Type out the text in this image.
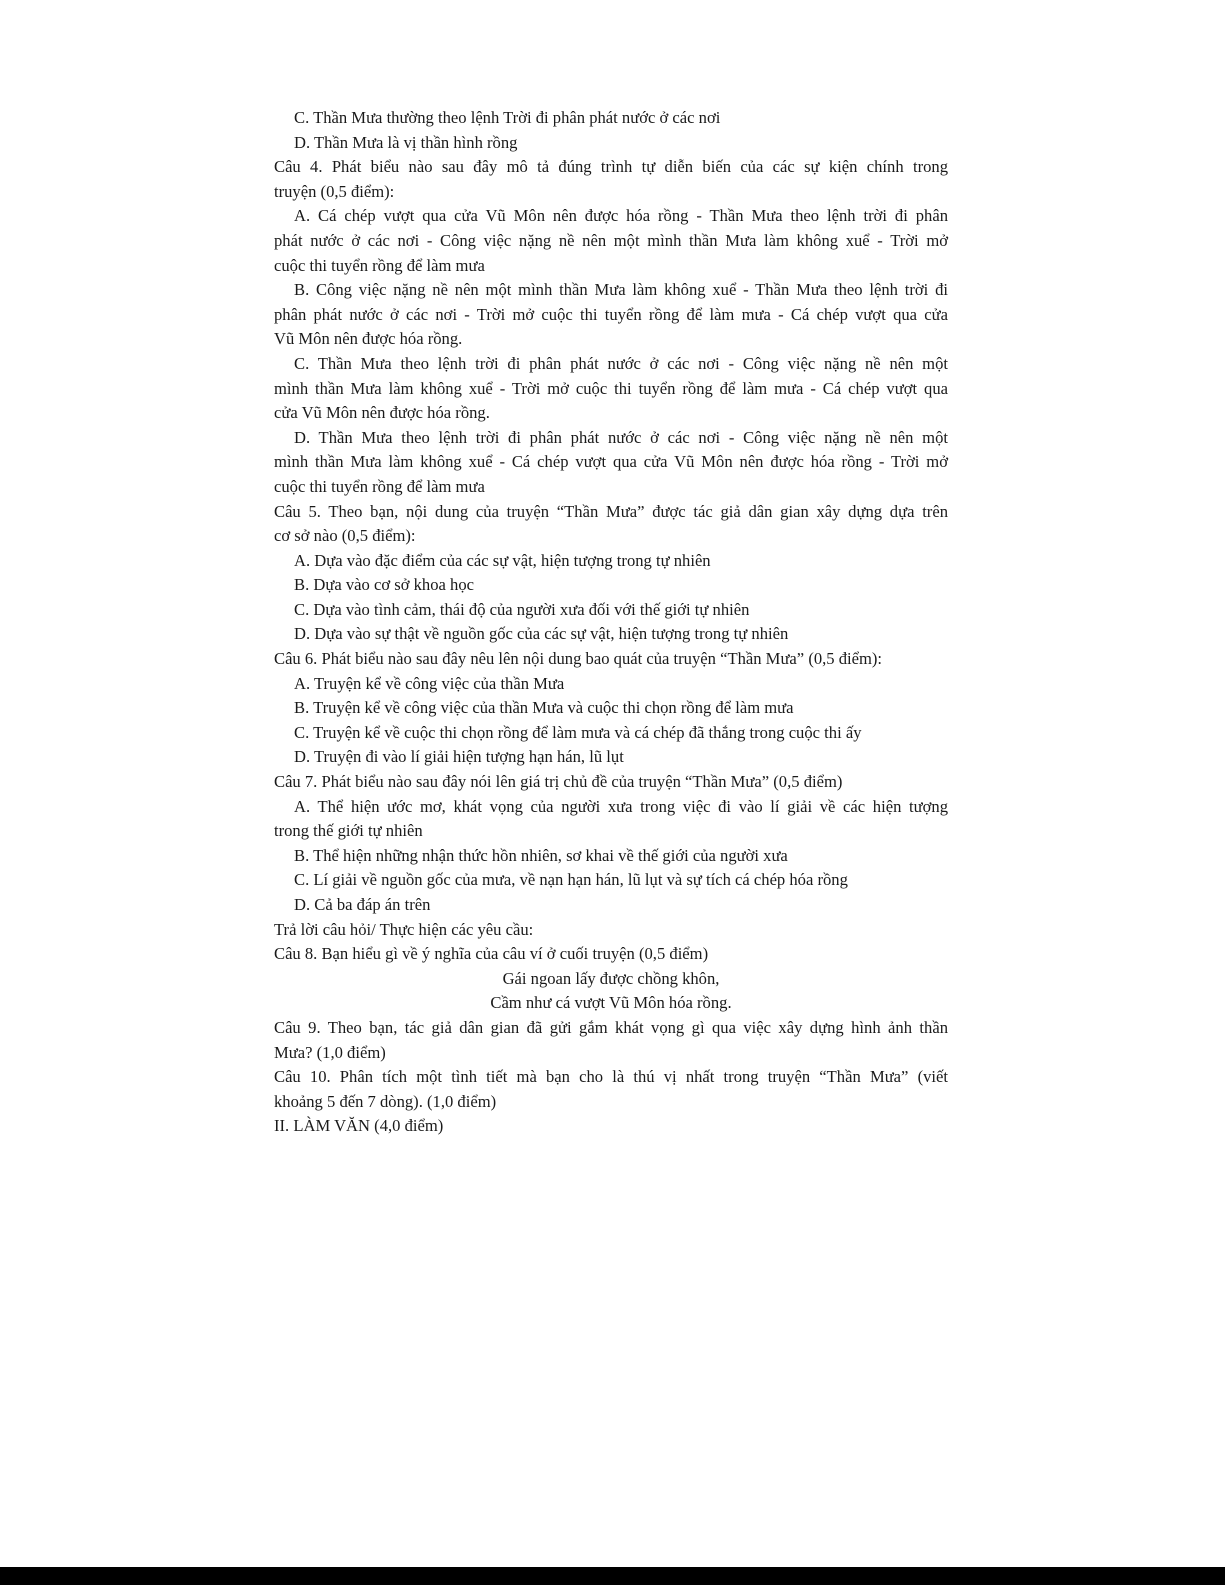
C. Thần Mưa thường theo lệnh Trời đi phân phát nước ở các nơi
D. Thần Mưa là vị thần hình rồng
Câu 4. Phát biểu nào sau đây mô tả đúng trình tự diễn biến của các sự kiện chính trong
truyện (0,5 điểm):
A. Cá chép vượt qua cửa Vũ Môn nên được hóa rồng - Thần Mưa theo lệnh trời đi phân
phát nước ở các nơi - Công việc nặng nề nên một mình thần Mưa làm không xuể - Trời mở
cuộc thi tuyển rồng để làm mưa
B. Công việc nặng nề nên một mình thần Mưa làm không xuể - Thần Mưa theo lệnh trời đi
phân phát nước ở các nơi - Trời mở cuộc thi tuyển rồng để làm mưa - Cá chép vượt qua cửa
Vũ Môn nên được hóa rồng.
C. Thần Mưa theo lệnh trời đi phân phát nước ở các nơi - Công việc nặng nề nên một
mình thần Mưa làm không xuể - Trời mở cuộc thi tuyển rồng để làm mưa - Cá chép vượt qua
cửa Vũ Môn nên được hóa rồng.
D. Thần Mưa theo lệnh trời đi phân phát nước ở các nơi - Công việc nặng nề nên một
mình thần Mưa làm không xuể - Cá chép vượt qua cửa Vũ Môn nên được hóa rồng - Trời mở
cuộc thi tuyển rồng để làm mưa
Câu 5. Theo bạn, nội dung của truyện “Thần Mưa” được tác giả dân gian xây dựng dựa trên
cơ sở nào (0,5 điểm):
A. Dựa vào đặc điểm của các sự vật, hiện tượng trong tự nhiên
B. Dựa vào cơ sở khoa học
C. Dựa vào tình cảm, thái độ của người xưa đối với thế giới tự nhiên
D. Dựa vào sự thật về nguồn gốc của các sự vật, hiện tượng trong tự nhiên
Câu 6. Phát biểu nào sau đây nêu lên nội dung bao quát của truyện “Thần Mưa” (0,5 điểm):
A. Truyện kể về công việc của thần Mưa
B. Truyện kể về công việc của thần Mưa và cuộc thi chọn rồng để làm mưa
C. Truyện kể về cuộc thi chọn rồng để làm mưa và cá chép đã thắng trong cuộc thi ấy
D. Truyện đi vào lí giải hiện tượng hạn hán, lũ lụt
Câu 7. Phát biểu nào sau đây nói lên giá trị chủ đề của truyện “Thần Mưa” (0,5 điểm)
A. Thể hiện ước mơ, khát vọng của người xưa trong việc đi vào lí giải về các hiện tượng
trong thế giới tự nhiên
B. Thể hiện những nhận thức hồn nhiên, sơ khai về thế giới của người xưa
C. Lí giải về nguồn gốc của mưa, về nạn hạn hán, lũ lụt và sự tích cá chép hóa rồng
D. Cả ba đáp án trên
Trả lời câu hỏi/ Thực hiện các yêu cầu:
Câu 8. Bạn hiểu gì về ý nghĩa của câu ví ở cuối truyện (0,5 điểm)
Gái ngoan lấy được chồng khôn,
Cầm như cá vượt Vũ Môn hóa rồng.
Câu 9. Theo bạn, tác giả dân gian đã gửi gắm khát vọng gì qua việc xây dựng hình ảnh thần
Mưa? (1,0 điểm)
Câu 10. Phân tích một tình tiết mà bạn cho là thú vị nhất trong truyện “Thần Mưa” (viết
khoảng 5 đến 7 dòng). (1,0 điểm)
II. LÀM VĂN (4,0 điểm)
